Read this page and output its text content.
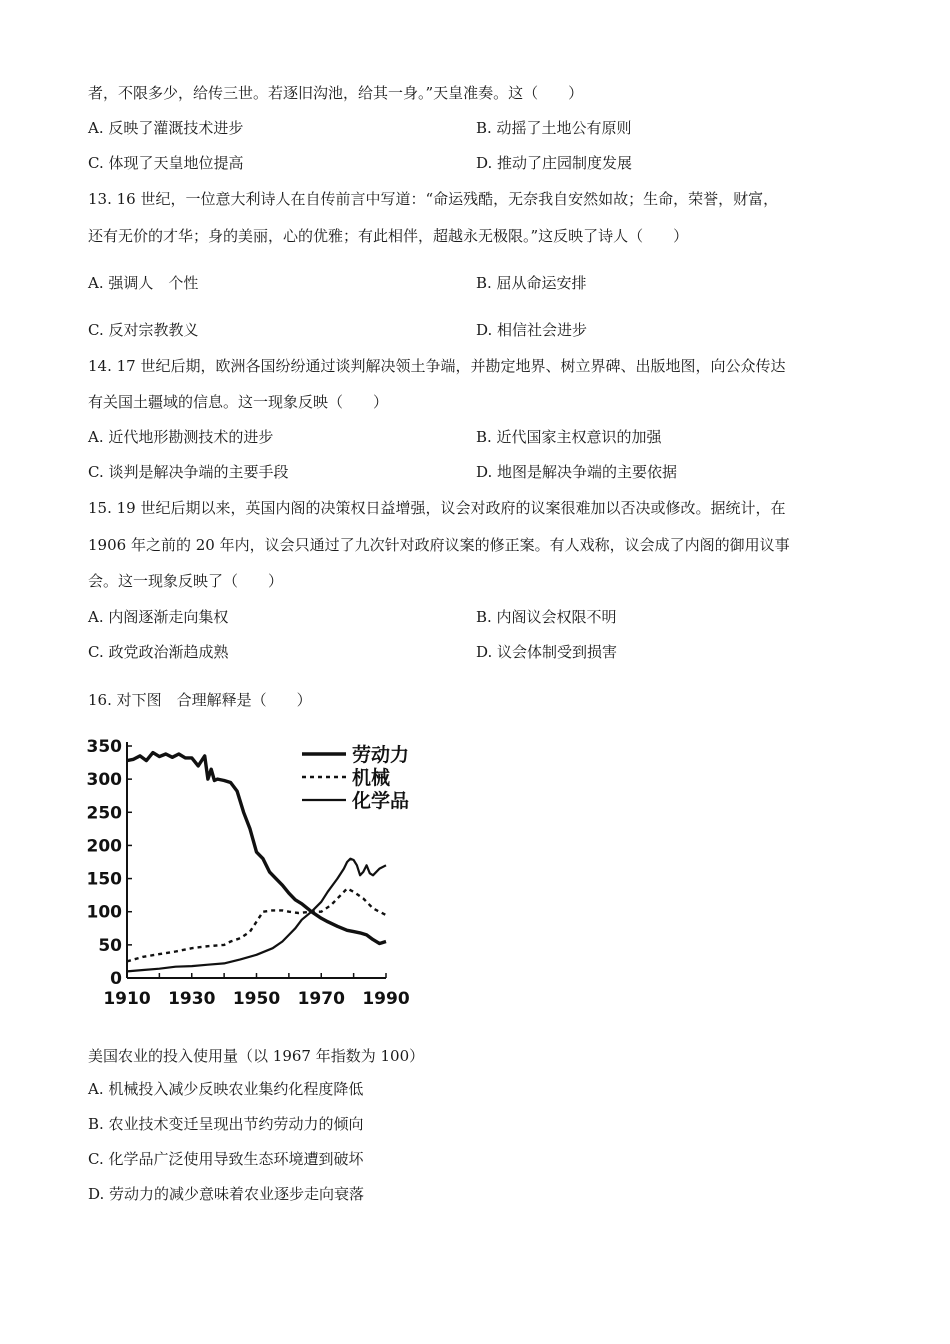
者，不限多少，给传三世。若逐旧沟池，给其一身。”天皇准奏。这（　　）
A. 反映了灌溉技术进步	B. 动摇了土地公有原则
C. 体现了天皇地位提高	D. 推动了庄园制度发展
13. 16 世纪，一位意大利诗人在自传前言中写道：“命运残酷，无奈我自安然如故；生命，荣誉，财富，
还有无价的才华；身的美丽，心的优雅；有此相伴，超越永无极限。”这反映了诗人（　　）
A. 强调人　个性	B. 屈从命运安排
C. 反对宗教教义	D. 相信社会进步
14. 17 世纪后期，欧洲各国纷纷通过谈判解决领土争端，并勘定地界、树立界碑、出版地图，向公众传达
有关国土疆域的信息。这一现象反映（　　）
A. 近代地形勘测技术的进步	B. 近代国家主权意识的加强
C. 谈判是解决争端的主要手段	D. 地图是解决争端的主要依据
15. 19 世纪后期以来，英国内阁的决策权日益增强，议会对政府的议案很难加以否决或修改。据统计，在
1906 年之前的 20 年内，议会只通过了九次针对政府议案的修正案。有人戏称，议会成了内阁的御用议事
会。这一现象反映了（　　）
A. 内阁逐渐走向集权	B. 内阁议会权限不明
C. 政党政治渐趋成熟	D. 议会体制受到损害
16. 对下图　合理解释是（　　）
0
50
100
150
200
250
300
350
1910 1930 1950 1970 1990
劳动力
机械
化学品
美国农业的投入使用量（以 1967 年指数为 100）
A. 机械投入减少反映农业集约化程度降低
B. 农业技术变迁呈现出节约劳动力的倾向
C. 化学品广泛使用导致生态环境遭到破坏
D. 劳动力的减少意味着农业逐步走向衰落
